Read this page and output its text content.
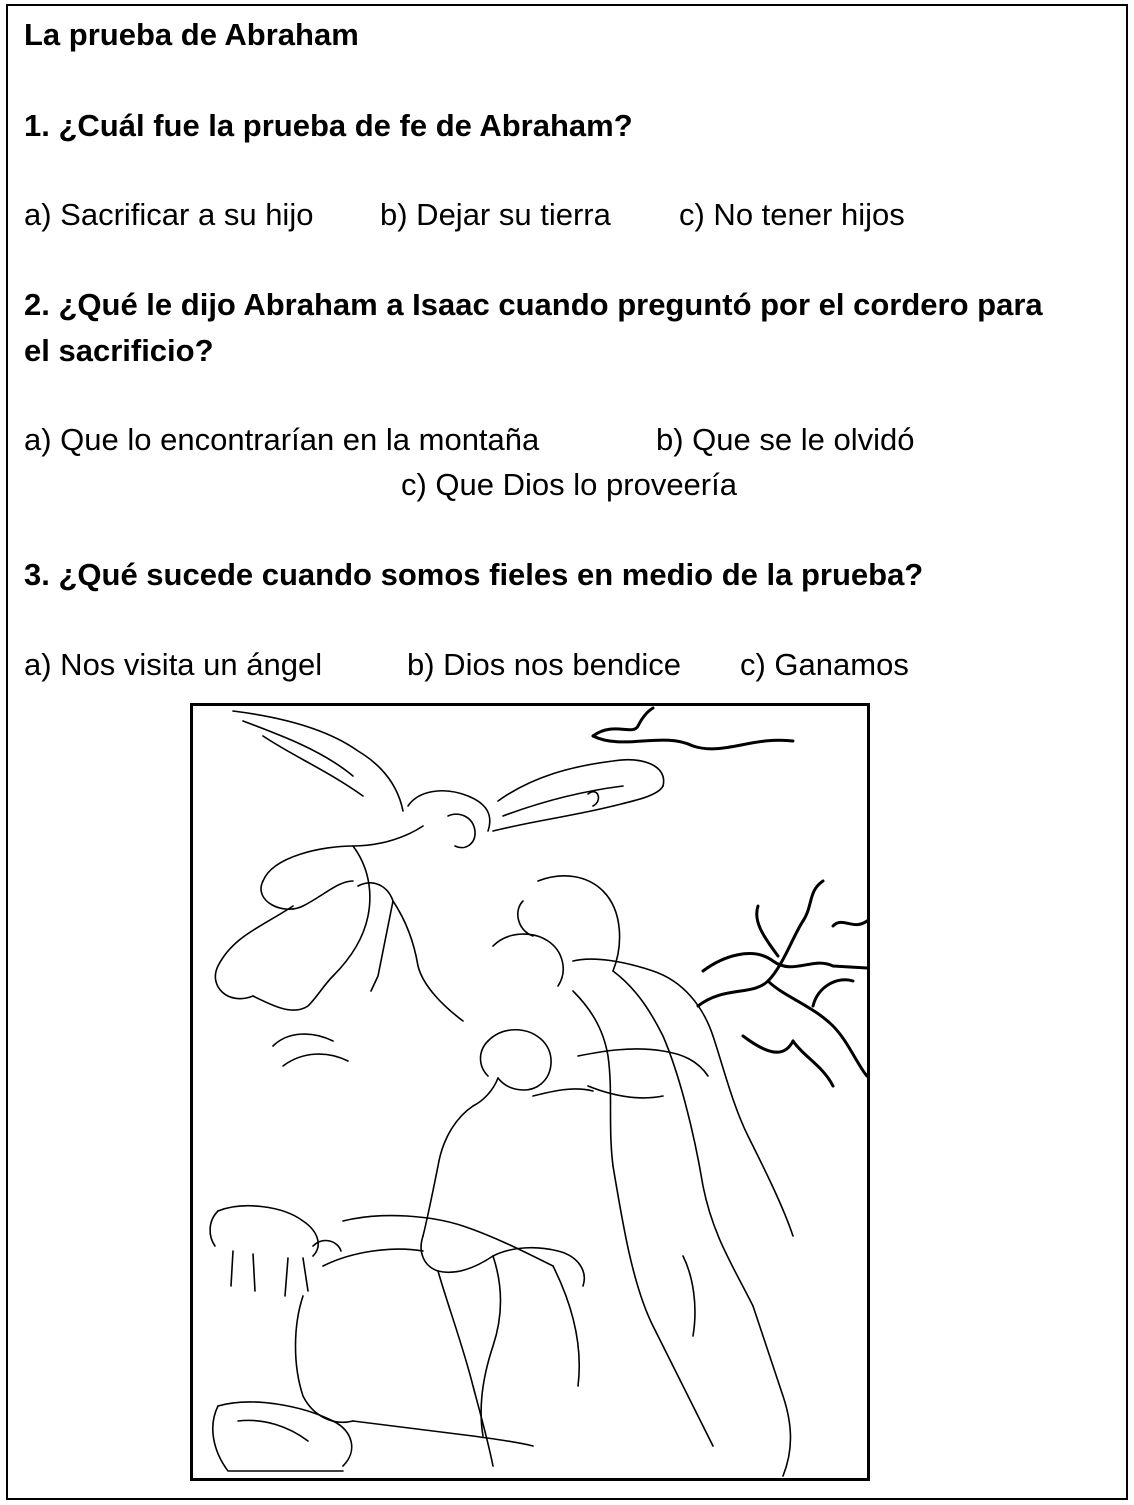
La prueba de Abraham
1. ¿Cuál fue la prueba de fe de Abraham?
a) Sacrificar a su hijo b) Dejar su tierra c) No tener hijos
2. ¿Qué le dijo Abraham a Isaac cuando preguntó por el cordero para
el sacrificio?
a) Que lo encontrarían en la montaña	b) Que se le olvidó
c) Que Dios lo proveería
3. ¿Qué sucede cuando somos fieles en medio de la prueba?
a) Nos visita un ángel	b) Dios nos bendice c) Ganamos
